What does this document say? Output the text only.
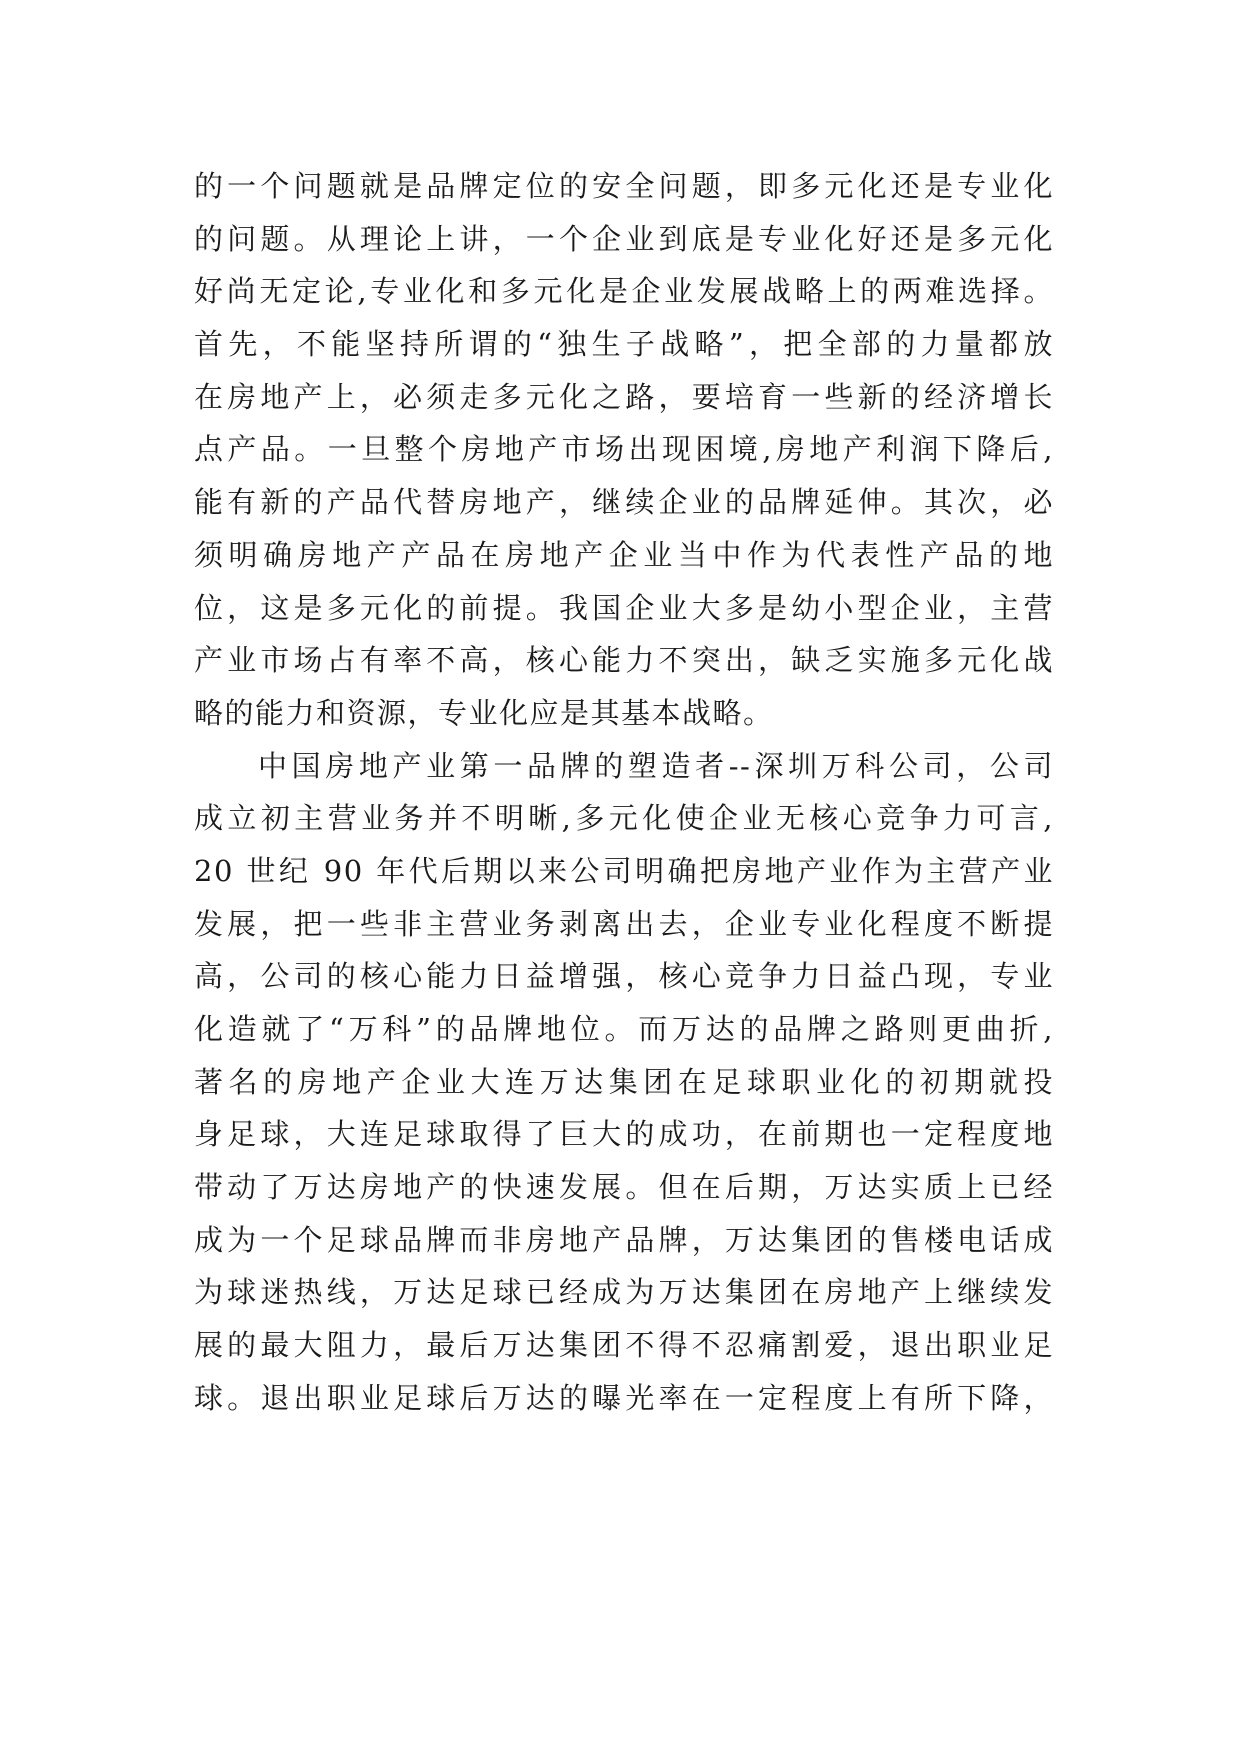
的一个问题就是品牌定位的安全问题，即多元化还是专业化
的问题。从理论上讲，一个企业到底是专业化好还是多元化
好尚无定论,专业化和多元化是企业发展战略上的两难选择。
首先，不能坚持所谓的“独生子战略”，把全部的力量都放
在房地产上，必须走多元化之路，要培育一些新的经济增长
点产品。一旦整个房地产市场出现困境,房地产利润下降后,
能有新的产品代替房地产，继续企业的品牌延伸。其次，必
须明确房地产产品在房地产企业当中作为代表性产品的地
位，这是多元化的前提。我国企业大多是幼小型企业，主营
产业市场占有率不高，核心能力不突出，缺乏实施多元化战
略的能力和资源，专业化应是其基本战略。
中国房地产业第一品牌的塑造者--深圳万科公司，公司
成立初主营业务并不明晰,多元化使企业无核心竞争力可言,
20 世纪 90 年代后期以来公司明确把房地产业作为主营产业
发展，把一些非主营业务剥离出去，企业专业化程度不断提
高，公司的核心能力日益增强，核心竞争力日益凸现，专业
化造就了“万科”的品牌地位。而万达的品牌之路则更曲折,
著名的房地产企业大连万达集团在足球职业化的初期就投
身足球，大连足球取得了巨大的成功，在前期也一定程度地
带动了万达房地产的快速发展。但在后期，万达实质上已经
成为一个足球品牌而非房地产品牌，万达集团的售楼电话成
为球迷热线，万达足球已经成为万达集团在房地产上继续发
展的最大阻力，最后万达集团不得不忍痛割爱，退出职业足
球。退出职业足球后万达的曝光率在一定程度上有所下降，
